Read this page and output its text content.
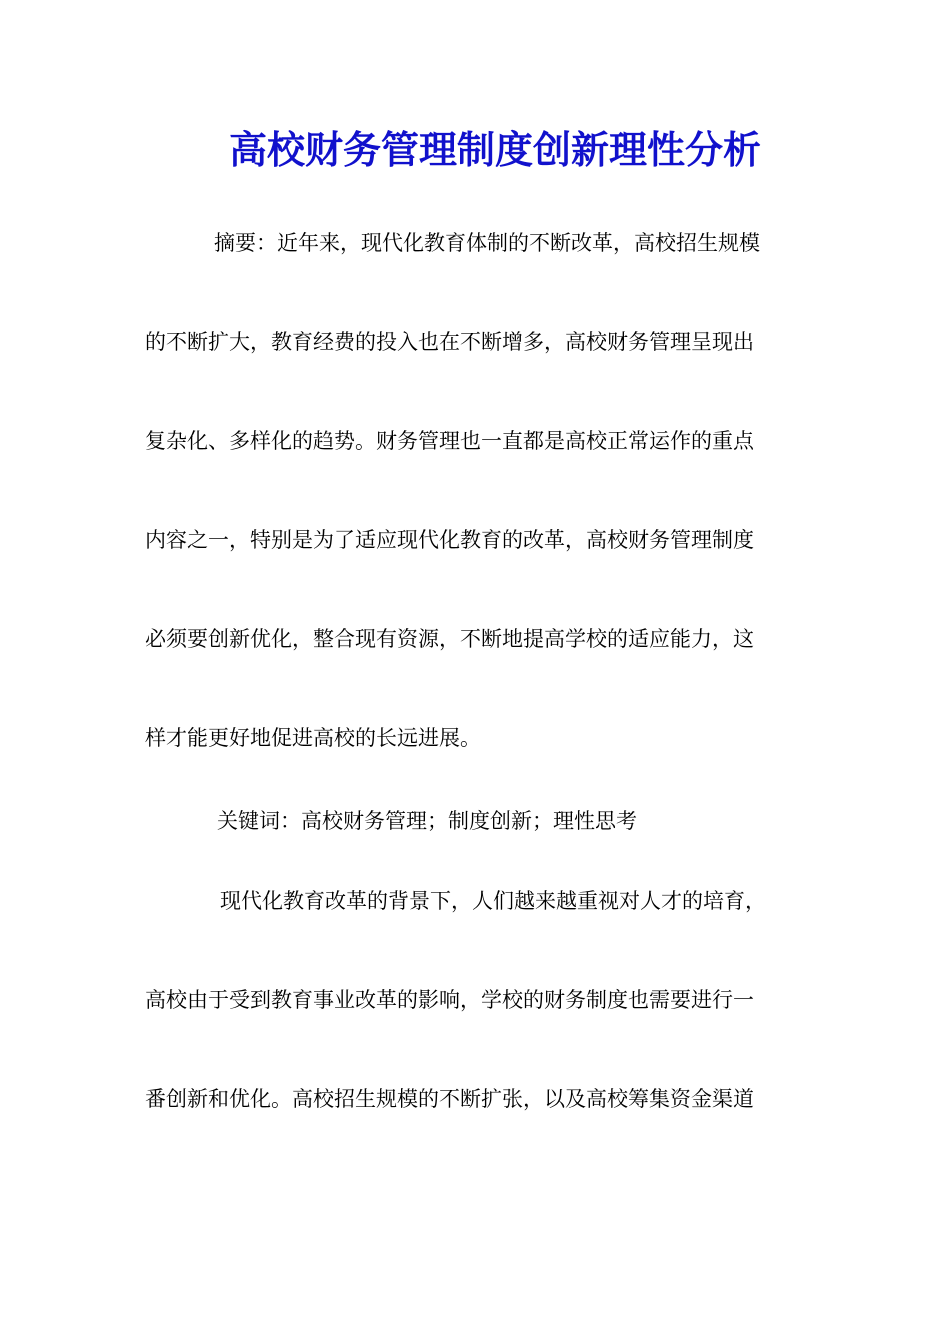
高校财务管理制度创新理性分析
摘要：近年来，现代化教育体制的不断改革，高校招生规模
的不断扩大，教育经费的投入也在不断增多，高校财务管理呈现出
复杂化、多样化的趋势。财务管理也一直都是高校正常运作的重点
内容之一，特别是为了适应现代化教育的改革，高校财务管理制度
必须要创新优化，整合现有资源，不断地提高学校的适应能力，这
样才能更好地促进高校的长远进展。
关键词：高校财务管理；制度创新；理性思考
现代化教育改革的背景下，人们越来越重视对人才的培育，
高校由于受到教育事业改革的影响，学校的财务制度也需要进行一
番创新和优化。高校招生规模的不断扩张，以及高校筹集资金渠道
